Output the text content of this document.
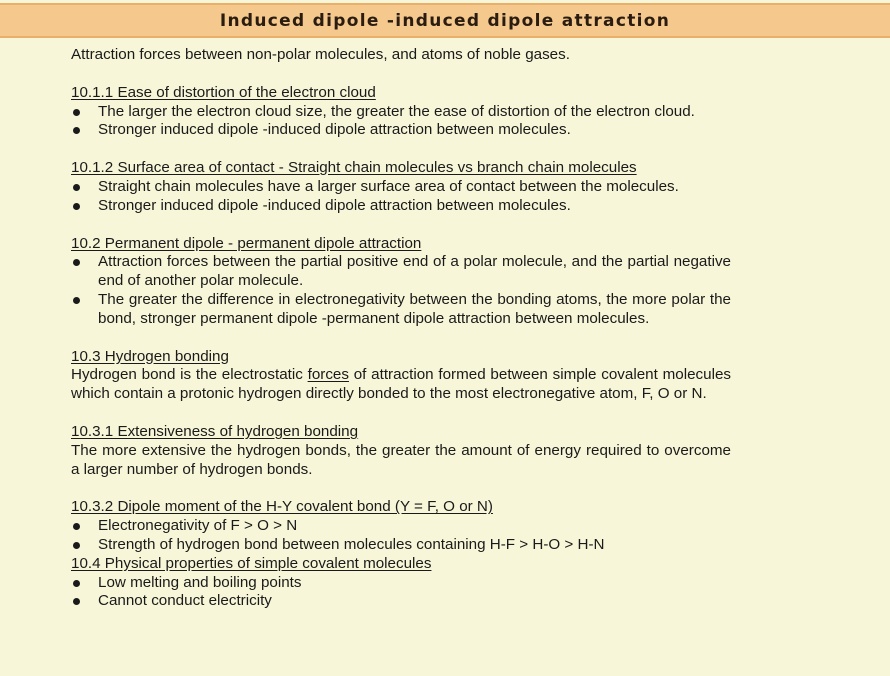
Induced dipole -induced dipole attraction

Attraction forces between non-polar molecules, and atoms of noble gases.

10.1.1 Ease of distortion of the electron cloud

The larger the electron cloud size, the greater the ease of distortion of the electron cloud.
Stronger induced dipole -induced dipole attraction between molecules.

10.1.2 Surface area of contact - Straight chain molecules vs branch chain molecules

Straight chain molecules have a larger surface area of contact between the molecules.
Stronger induced dipole -induced dipole attraction between molecules.

10.2 Permanent dipole - permanent dipole attraction

Attraction forces between the partial positive end of a polar molecule, and the partial negative end of another polar molecule.
The greater the difference in electronegativity between the bonding atoms, the more polar the bond, stronger permanent dipole -permanent dipole attraction between molecules.

10.3 Hydrogen bonding

Hydrogen bond is the electrostatic forces of attraction formed between simple covalent molecules which contain a protonic hydrogen directly bonded to the most electronegative atom, F, O or N.

10.3.1 Extensiveness of hydrogen bonding

The more extensive the hydrogen bonds, the greater the amount of energy required to overcome a larger number of hydrogen bonds.

10.3.2 Dipole moment of the H-Y covalent bond (Y = F, O or N)

Electronegativity of F > O > N
Strength of hydrogen bond between molecules containing H-F > H-O > H-N

10.4 Physical properties of simple covalent molecules

Low melting and boiling points
Cannot conduct electricity
